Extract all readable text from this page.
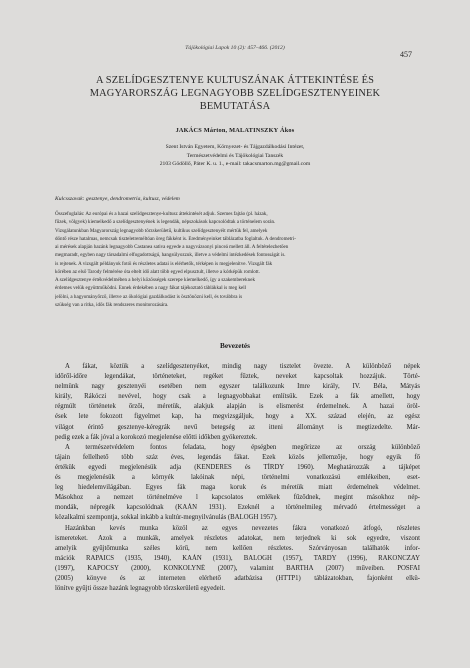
Tájökológiai Lapok 10 (2): 457–466. (2012)
457
A SZELÍDGESZTENYE KULTUSZÁNAK ÁTTEKINTÉSE ÉS
MAGYARORSZÁG LEGNAGYOBB SZELÍDGESZTENYEINEK
BEMUTATÁSA
JAKÁCS Márton, MALATINSZKY Ákos
Szent István Egyetem, Környezet- és Tájgazdálkodási Intézet,
Természetvédelmi és Tájökológiai Tanszék
2103 Gödöllő, Páter K. u. 1., e-mail: takacsmarton.mg@gmail.com
Kulcsszavak: gesztenye, dendrometria, kultusz, védelem
Összefoglalás: Az európai és a hazai szelídgesztenye-kultusz áttekintését adjuk. Szemes fajtáo (pl. házak,
fűzek, völgyek) kiemelkedő a szelídgesztenyének is legendák, népszokások kapcsolódtak a történelem során.
Vizsgálatunkban Magyarország legnagyobb törzskerületű, kultikus szelídgesztenyéit mértük fel, amelyek
döntő része hatalmas, nemcsak tiszteletreméltóan öreg fákként is. Eredményeinket táblázatba foglaltuk. A dendrometri-
ai mérések alapján hazánk legnagyobb Castanea sativa egyede a nagyvázsonyi pinceá mellett áll. A feltételezhetően
megmaradt, egyben nagy társadalmi elfogadottságú, hangsúlyozzuk, illetve a védelmi intézkedések fontosságát is.
is rejtenek. A vizsgált példányok fotói és részletes adatai is elérhetők, térképen is megjelenítve. Vizsgált fák
körében az első Tarody felmérése óta eltelt idő alatt több egyed elpusztult, illetve a kórképük romlott.
A szelídgesztenye értékvédelmében a helyi közösségek szerepe kiemelkedő, így a szakembereknek
érdemes velük együttműködni. Ennek érdekében a nagy fákat tájékoztató táblákkal is meg kell
jelölni, a hagyományőrző, illetve az ökológiai gazdálkodást is ösztönözni kell, és továbbra is
szükség van a ritka, idős fák rendszeres monitorozására.
Bevezetés
A fákat, köztük a szelídgesztenyéket, mindig nagy tisztelet övezte. A különböző népek
időről-időre legendákat, történeteket, regéket fűztek, neveket kapcsoltak hozzájuk. Törté-
nelmünk nagy gesztenyéi esetében nem egyszer találkozunk Imre király, IV. Béla, Mátyás
király, Rákóczi nevével, hogy csak a legnagyobbakat említsük. Ezek a fák amellett, hogy
régmúlt történetek őrzői, méretük, alakjuk alapján is elismerést érdemelnek. A hazai öröl-
ések lete fokozott figyelmet kap, ha megvizsgáljuk, hogy a XX. század elején, az egész
világot érintő gesztenye-kéregrák nevű betegség az itteni állományt is megtizedelte. Már-
pedig ezek a fák jóval a korokozó megjelenése előtti időkben gyökereztek.
A természetvédelem fontos feladata, hogy épségben megőrizze az ország különböző
tájain fellelhető több száz éves, legendás fákat. Ezek közös jellemzője, hogy egyik fő
értékük egyedi megjelenésük adja (KENDERES és TÍRDY 1960). Meghatározzák a tájképet
és megjelenésük a környék lakóinak népi, történelmi vonatkozású emlékeiben, eset-
leg hiedelemvilágában. Egyes fák maga koruk és méretük miatt érdemelnek védelmet.
Másokhoz a nemzet történelméve l kapcsolatos emlékek fűződnek, megint másokhoz nép-
mondák, népregék kapcsolódnak (KAÁN 1931). Ezeknél a történelmileg mérvadó értelmességet a
közalkalmi szempontja, sokkal inkább a kultúr-megnyilvánulás (BALOGH 1957).
Hazánkban kevés munka közöl az egyes nevezetes fákra vonatkozó átfogó, részletes
ismereteket. Azok a munkák, amelyek részletes adatokat, nem terjednek ki sok egyedre, viszont
amelyik gyűjtőmunka széles körű, nem kellően részletes. Szórványosan találhatók infor-
mációk RAPAICS (1935, 1940), KAÁN (1931), BALOGH (1957), TARDY (1996), RAKONCZAY
(1997), KAPOCSY (2000), KONKOLYNÉ (2007), valamint BARTHA (2007) műveiben. POSFAI
(2005) könyve és az interneten elérhető adatbázisa (HTTP1) táblázatokban, fajonként elkü-
lönítve gyűjti össze hazánk legnagyobb törzskerületű egyedeit.
